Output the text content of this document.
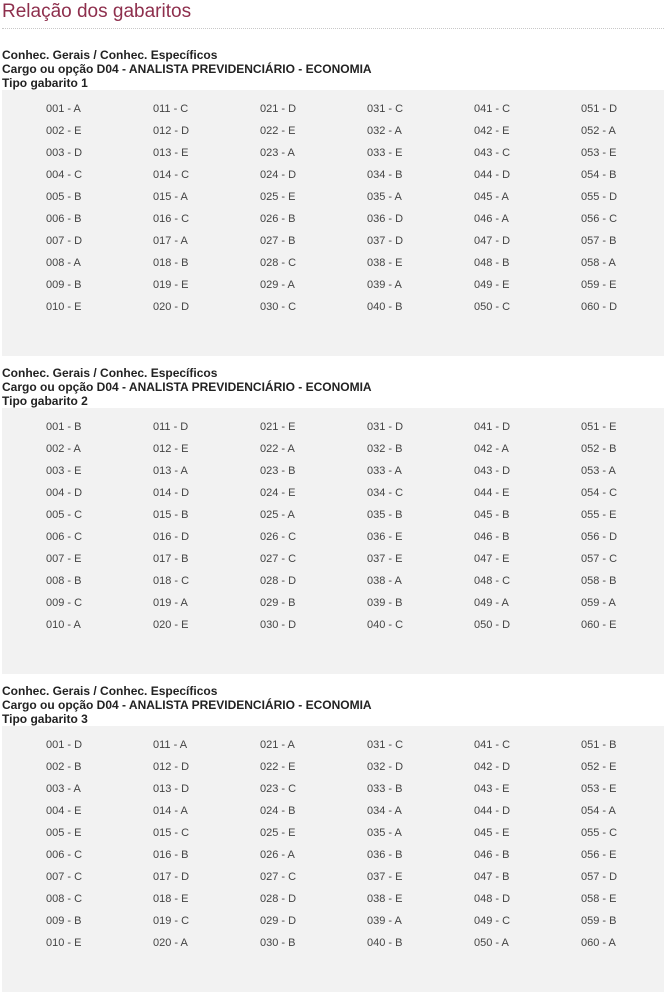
Relação dos gabaritos
Conhec. Gerais / Conhec. Específicos
Cargo ou opção D04 - ANALISTA PREVIDENCIÁRIO - ECONOMIA
Tipo gabarito 1
001 - A
002 - E
003 - D
004 - C
005 - B
006 - B
007 - D
008 - A
009 - B
010 - E
011 - C
012 - D
013 - E
014 - C
015 - A
016 - C
017 - A
018 - B
019 - E
020 - D
021 - D
022 - E
023 - A
024 - D
025 - E
026 - B
027 - B
028 - C
029 - A
030 - C
031 - C
032 - A
033 - E
034 - B
035 - A
036 - D
037 - D
038 - E
039 - A
040 - B
041 - C
042 - E
043 - C
044 - D
045 - A
046 - A
047 - D
048 - B
049 - E
050 - C
051 - D
052 - A
053 - E
054 - B
055 - D
056 - C
057 - B
058 - A
059 - E
060 - D
Conhec. Gerais / Conhec. Específicos
Cargo ou opção D04 - ANALISTA PREVIDENCIÁRIO - ECONOMIA
Tipo gabarito 2
001 - B
002 - A
003 - E
004 - D
005 - C
006 - C
007 - E
008 - B
009 - C
010 - A
011 - D
012 - E
013 - A
014 - D
015 - B
016 - D
017 - B
018 - C
019 - A
020 - E
021 - E
022 - A
023 - B
024 - E
025 - A
026 - C
027 - C
028 - D
029 - B
030 - D
031 - D
032 - B
033 - A
034 - C
035 - B
036 - E
037 - E
038 - A
039 - B
040 - C
041 - D
042 - A
043 - D
044 - E
045 - B
046 - B
047 - E
048 - C
049 - A
050 - D
051 - E
052 - B
053 - A
054 - C
055 - E
056 - D
057 - C
058 - B
059 - A
060 - E
Conhec. Gerais / Conhec. Específicos
Cargo ou opção D04 - ANALISTA PREVIDENCIÁRIO - ECONOMIA
Tipo gabarito 3
001 - D
002 - B
003 - A
004 - E
005 - E
006 - C
007 - C
008 - C
009 - B
010 - E
011 - A
012 - D
013 - D
014 - A
015 - C
016 - B
017 - D
018 - E
019 - C
020 - A
021 - A
022 - E
023 - C
024 - B
025 - E
026 - A
027 - C
028 - D
029 - D
030 - B
031 - C
032 - D
033 - B
034 - A
035 - A
036 - B
037 - E
038 - E
039 - A
040 - B
041 - C
042 - D
043 - E
044 - D
045 - E
046 - B
047 - B
048 - D
049 - C
050 - A
051 - B
052 - E
053 - E
054 - A
055 - C
056 - E
057 - D
058 - E
059 - B
060 - A
